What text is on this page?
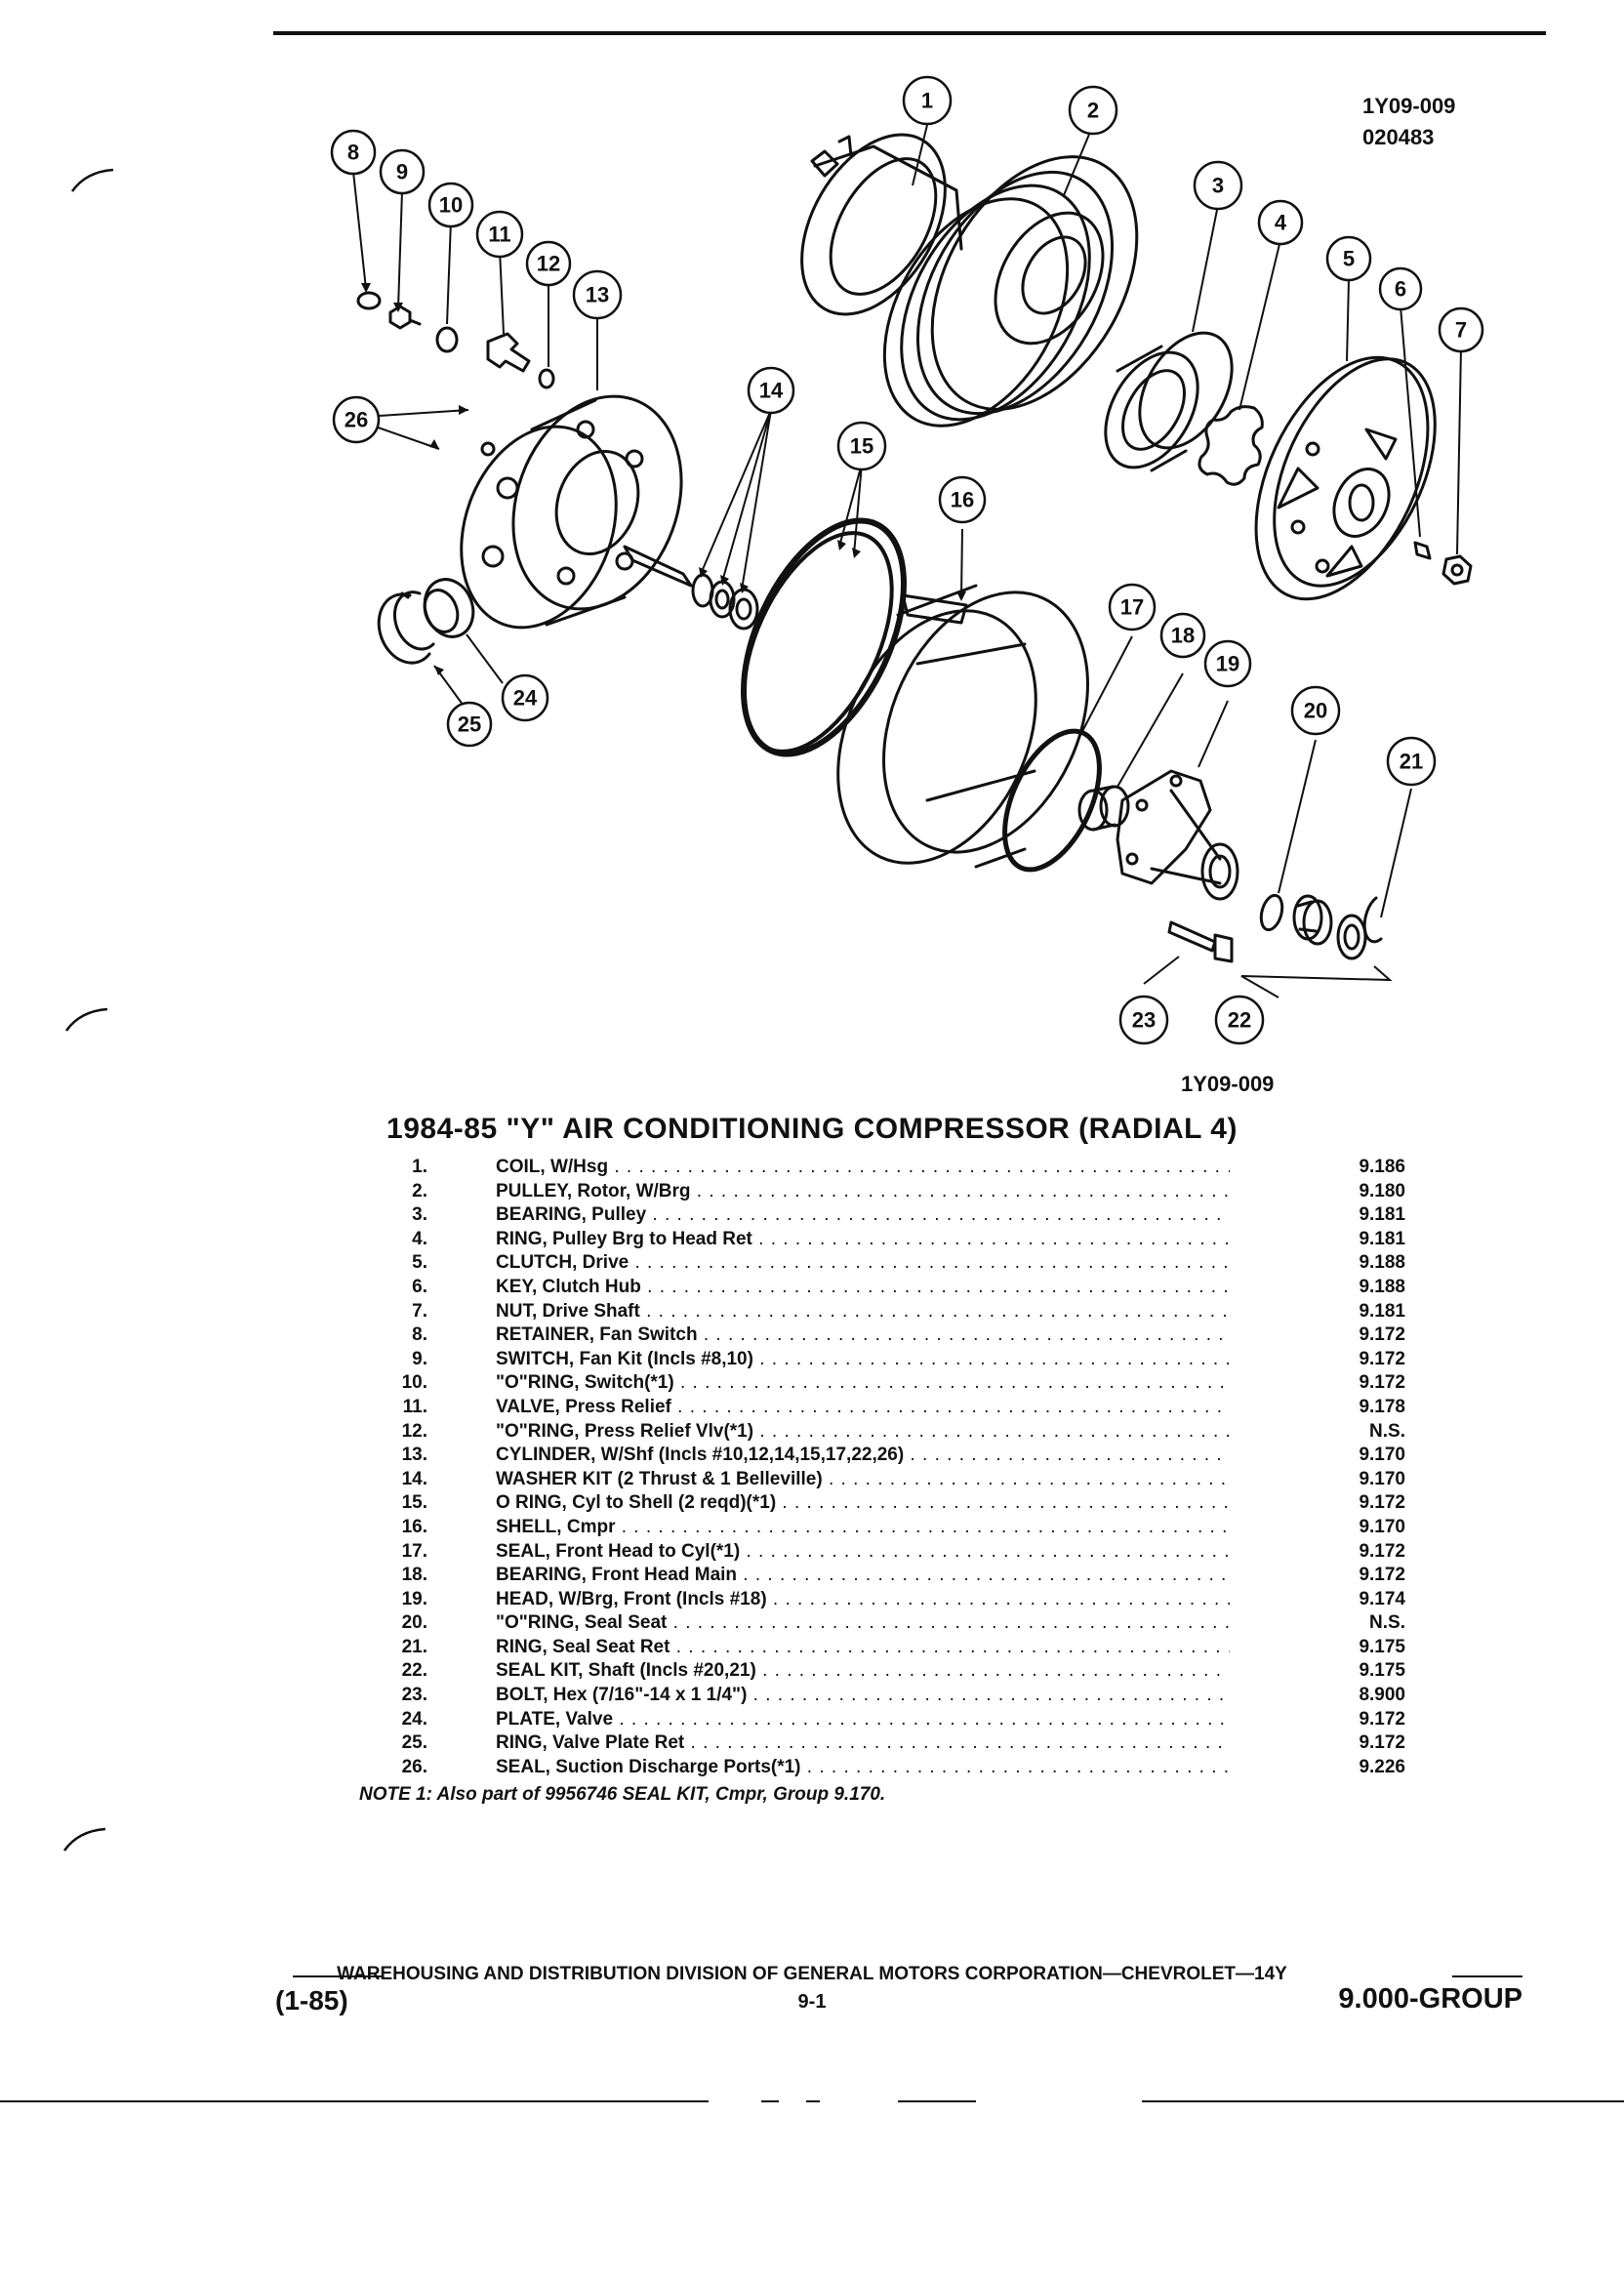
1Y09-009
020483
1	2
3
4
5
6
7
8
9
10
11
12
13
14
15
16
17
18
19
20
21
22
23
24
25
26
1Y09-009
1984-85 "Y" AIR CONDITIONING COMPRESSOR (RADIAL 4)
1.	COIL, W/Hsg . . .	9.186
2.	PULLEY, Rotor, W/Brg . . .	9.180
3.	BEARING, Pulley . . .	9.181
4.	RING, Pulley Brg to Head Ret . . .	9.181
5.	CLUTCH, Drive . . .	9.188
6.	KEY, Clutch Hub . . .	9.188
7.	NUT, Drive Shaft . . .	9.181
8.	RETAINER, Fan Switch . . .	9.172
9.	SWITCH, Fan Kit (Incls #8,10) . . .	9.172
10.	"O"RING, Switch(*1) . . .	9.172
11.	VALVE, Press Relief . . .	9.178
12.	"O"RING, Press Relief Vlv(*1) . . .	N.S.
13.	CYLINDER, W/Shf (Incls #10,12,14,15,17,22,26) . . .	9.170
14.	WASHER KIT (2 Thrust & 1 Belleville) . . .	9.170
15.	O RING, Cyl to Shell (2 reqd)(*1) . . .	9.172
16.	SHELL, Cmpr . . .	9.170
17.	SEAL, Front Head to Cyl(*1) . . .	9.172
18.	BEARING, Front Head Main . . .	9.172
19.	HEAD, W/Brg, Front (Incls #18) . . .	9.174
20.	"O"RING, Seal Seat . . .	N.S.
21.	RING, Seal Seat Ret . . .	9.175
22.	SEAL KIT, Shaft (Incls #20,21) . . .	9.175
23.	BOLT, Hex (7/16"-14 x 1 1/4") . . .	8.900
24.	PLATE, Valve . . .	9.172
25.	RING, Valve Plate Ret . . .	9.172
26.	SEAL, Suction Discharge Ports(*1) . . .	9.226
NOTE 1: Also part of 9956746 SEAL KIT, Cmpr, Group 9.170.
WAREHOUSING AND DISTRIBUTION DIVISION OF GENERAL MOTORS CORPORATION—CHEVROLET—14Y
(1-85)	9-1	9.000-GROUP
